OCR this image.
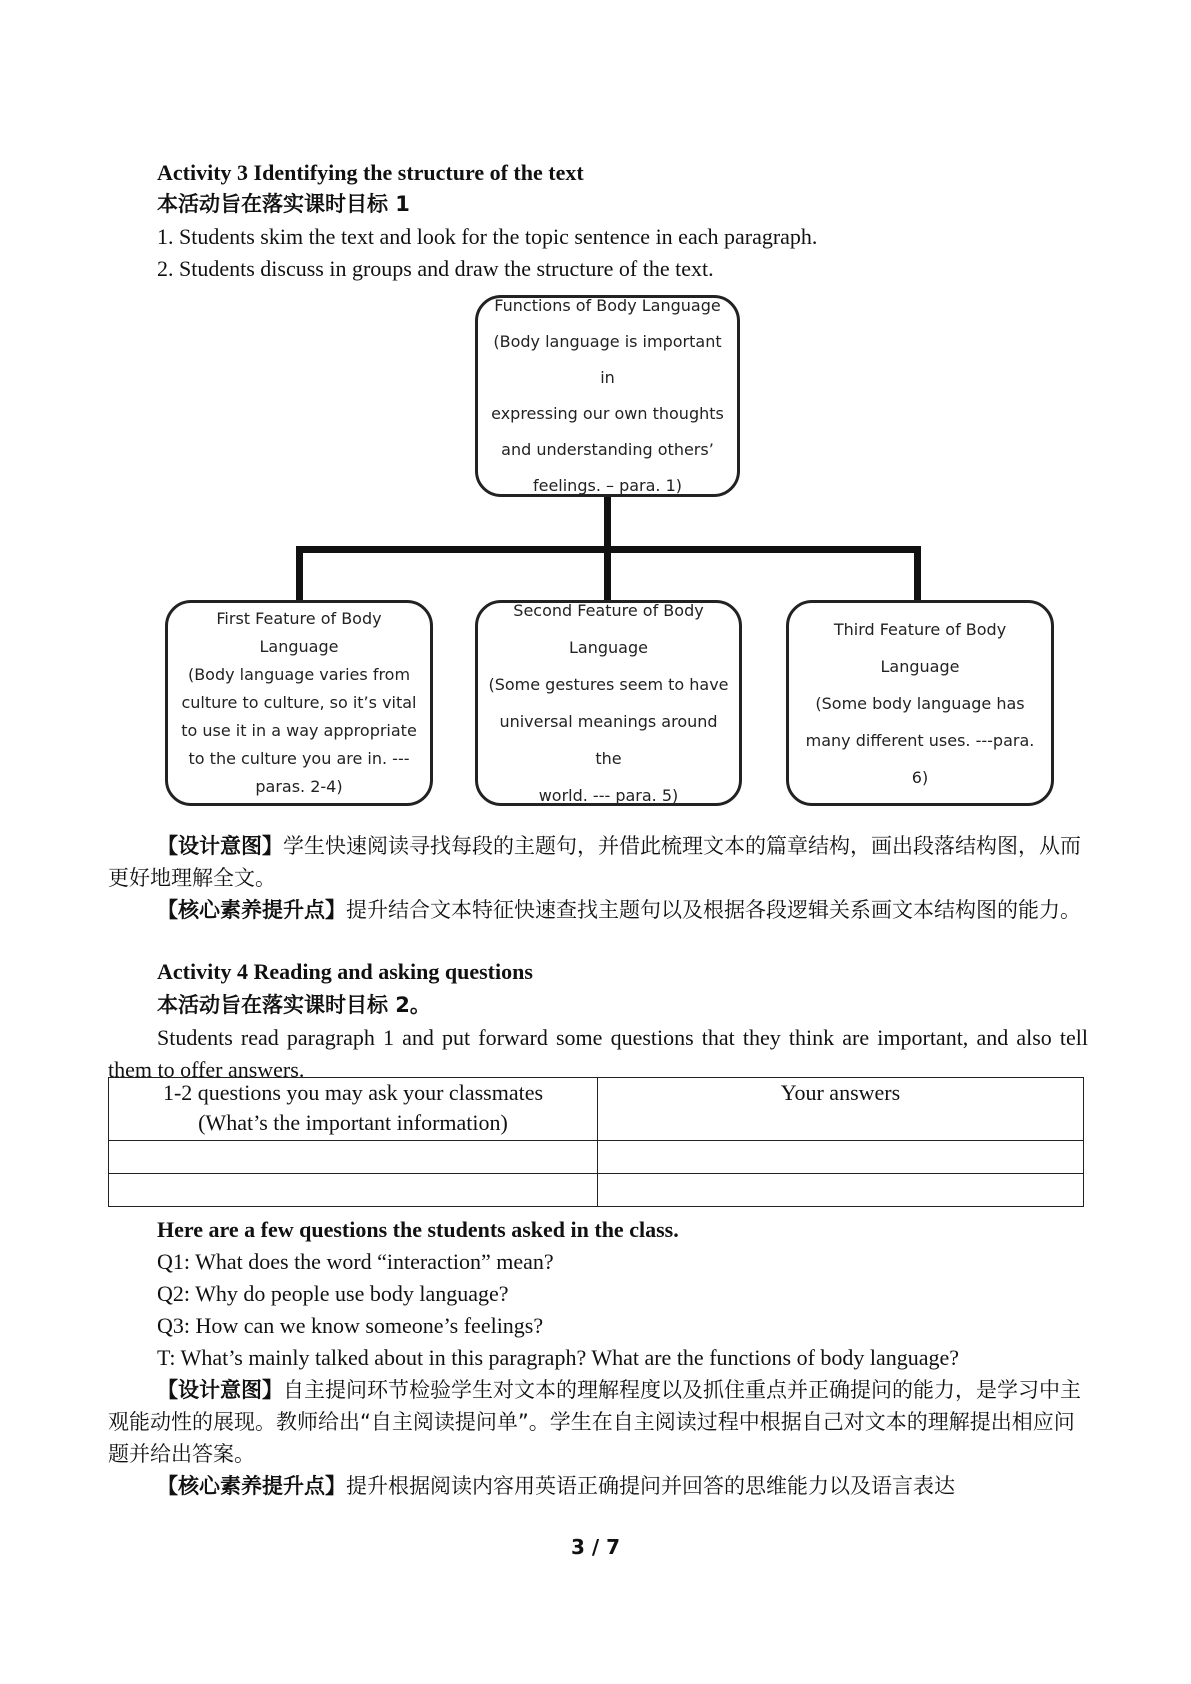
Activity 3 Identifying the structure of the text
本活动旨在落实课时目标 1
1. Students skim the text and look for the topic sentence in each paragraph.
2. Students discuss in groups and draw the structure of the text.
Functions of Body Language
(Body language is important in
expressing our own thoughts
and understanding others’
feelings. – para. 1)
First Feature of Body Language
(Body language varies from
culture to culture, so it’s vital
to use it in a way appropriate
to the culture you are in. ---
paras. 2-4)
Second Feature of Body
Language
(Some gestures seem to have
universal meanings around the
world. --- para. 5)
Third Feature of Body
Language
(Some body language has
many different uses. ---para. 6)
【设计意图】学生快速阅读寻找每段的主题句，并借此梳理文本的篇章结构，画出段落结构图，从而更好地理解全文。
【核心素养提升点】提升结合文本特征快速查找主题句以及根据各段逻辑关系画文本结构图的能力。
Activity 4 Reading and asking questions
本活动旨在落实课时目标 2。
Students read paragraph 1 and put forward some questions that they think are important, and also tell them to offer answers.
1-2 questions you may ask your classmates
(What’s the important information)	Your answers

Here are a few questions the students asked in the class.
Q1: What does the word “interaction” mean?
Q2: Why do people use body language?
Q3: How can we know someone’s feelings?
T: What’s mainly talked about in this paragraph? What are the functions of body language?
【设计意图】自主提问环节检验学生对文本的理解程度以及抓住重点并正确提问的能力，是学习中主观能动性的展现。教师给出“自主阅读提问单”。学生在自主阅读过程中根据自己对文本的理解提出相应问题并给出答案。
【核心素养提升点】提升根据阅读内容用英语正确提问并回答的思维能力以及语言表达
3 / 7
